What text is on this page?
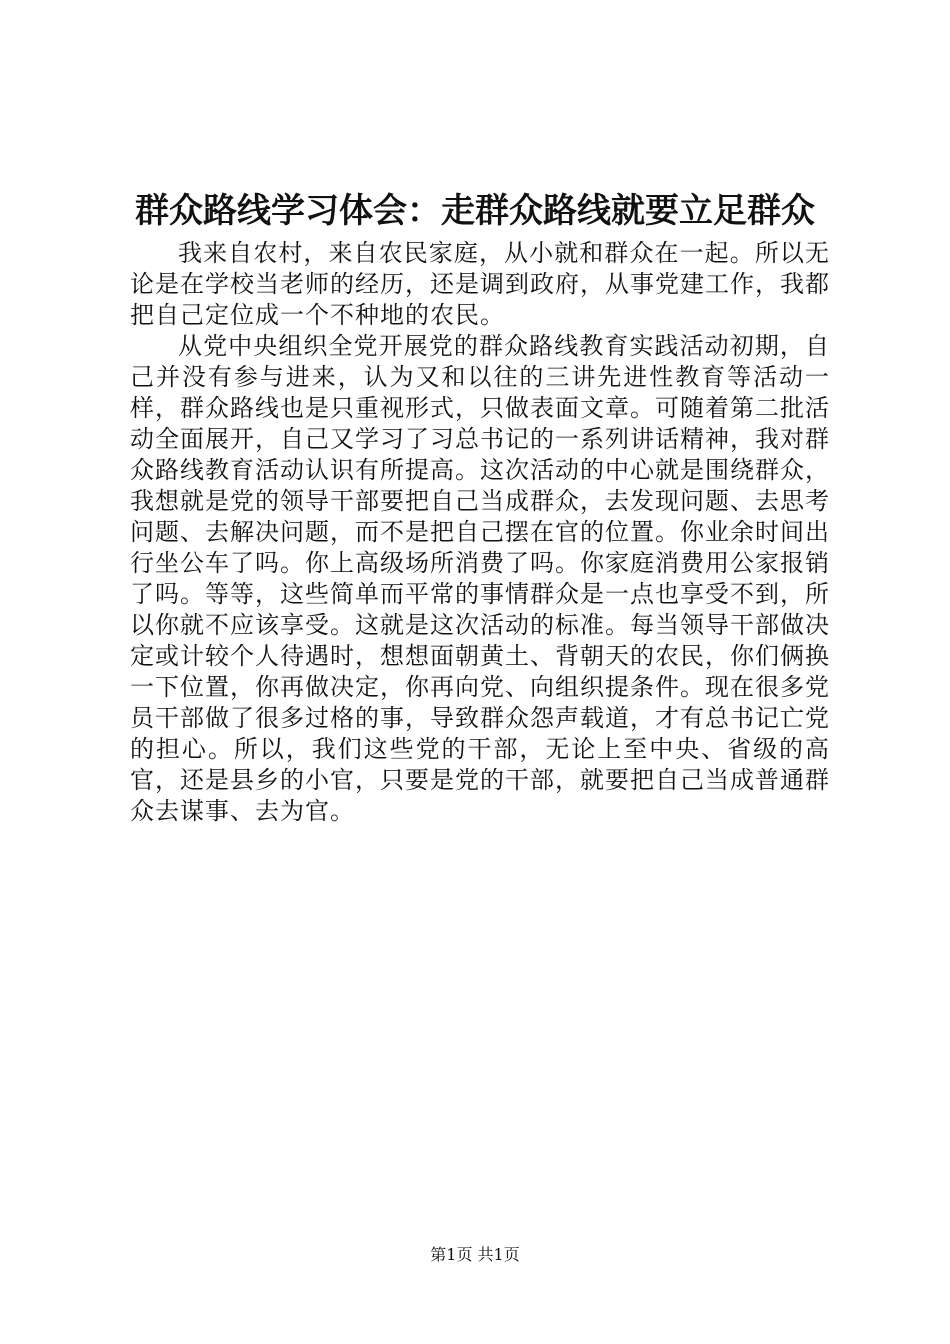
群众路线学习体会：走群众路线就要立足群众

我来自农村，来自农民家庭，从小就和群众在一起。所以无论是在学校当老师的经历，还是调到政府，从事党建工作，我都把自己定位成一个不种地的农民。

从党中央组织全党开展党的群众路线教育实践活动初期，自己并没有参与进来，认为又和以往的三讲先进性教育等活动一样，群众路线也是只重视形式，只做表面文章。可随着第二批活动全面展开，自己又学习了习总书记的一系列讲话精神，我对群众路线教育活动认识有所提高。这次活动的中心就是围绕群众，我想就是党的领导干部要把自己当成群众，去发现问题、去思考问题、去解决问题，而不是把自己摆在官的位置。你业余时间出行坐公车了吗。你上高级场所消费了吗。你家庭消费用公家报销了吗。等等，这些简单而平常的事情群众是一点也享受不到，所以你就不应该享受。这就是这次活动的标准。每当领导干部做决定或计较个人待遇时，想想面朝黄土、背朝天的农民，你们俩换一下位置，你再做决定，你再向党、向组织提条件。现在很多党员干部做了很多过格的事，导致群众怨声载道，才有总书记亡党的担心。所以，我们这些党的干部，无论上至中央、省级的高官，还是县乡的小官，只要是党的干部，就要把自己当成普通群众去谋事、去为官。

第1页 共1页
